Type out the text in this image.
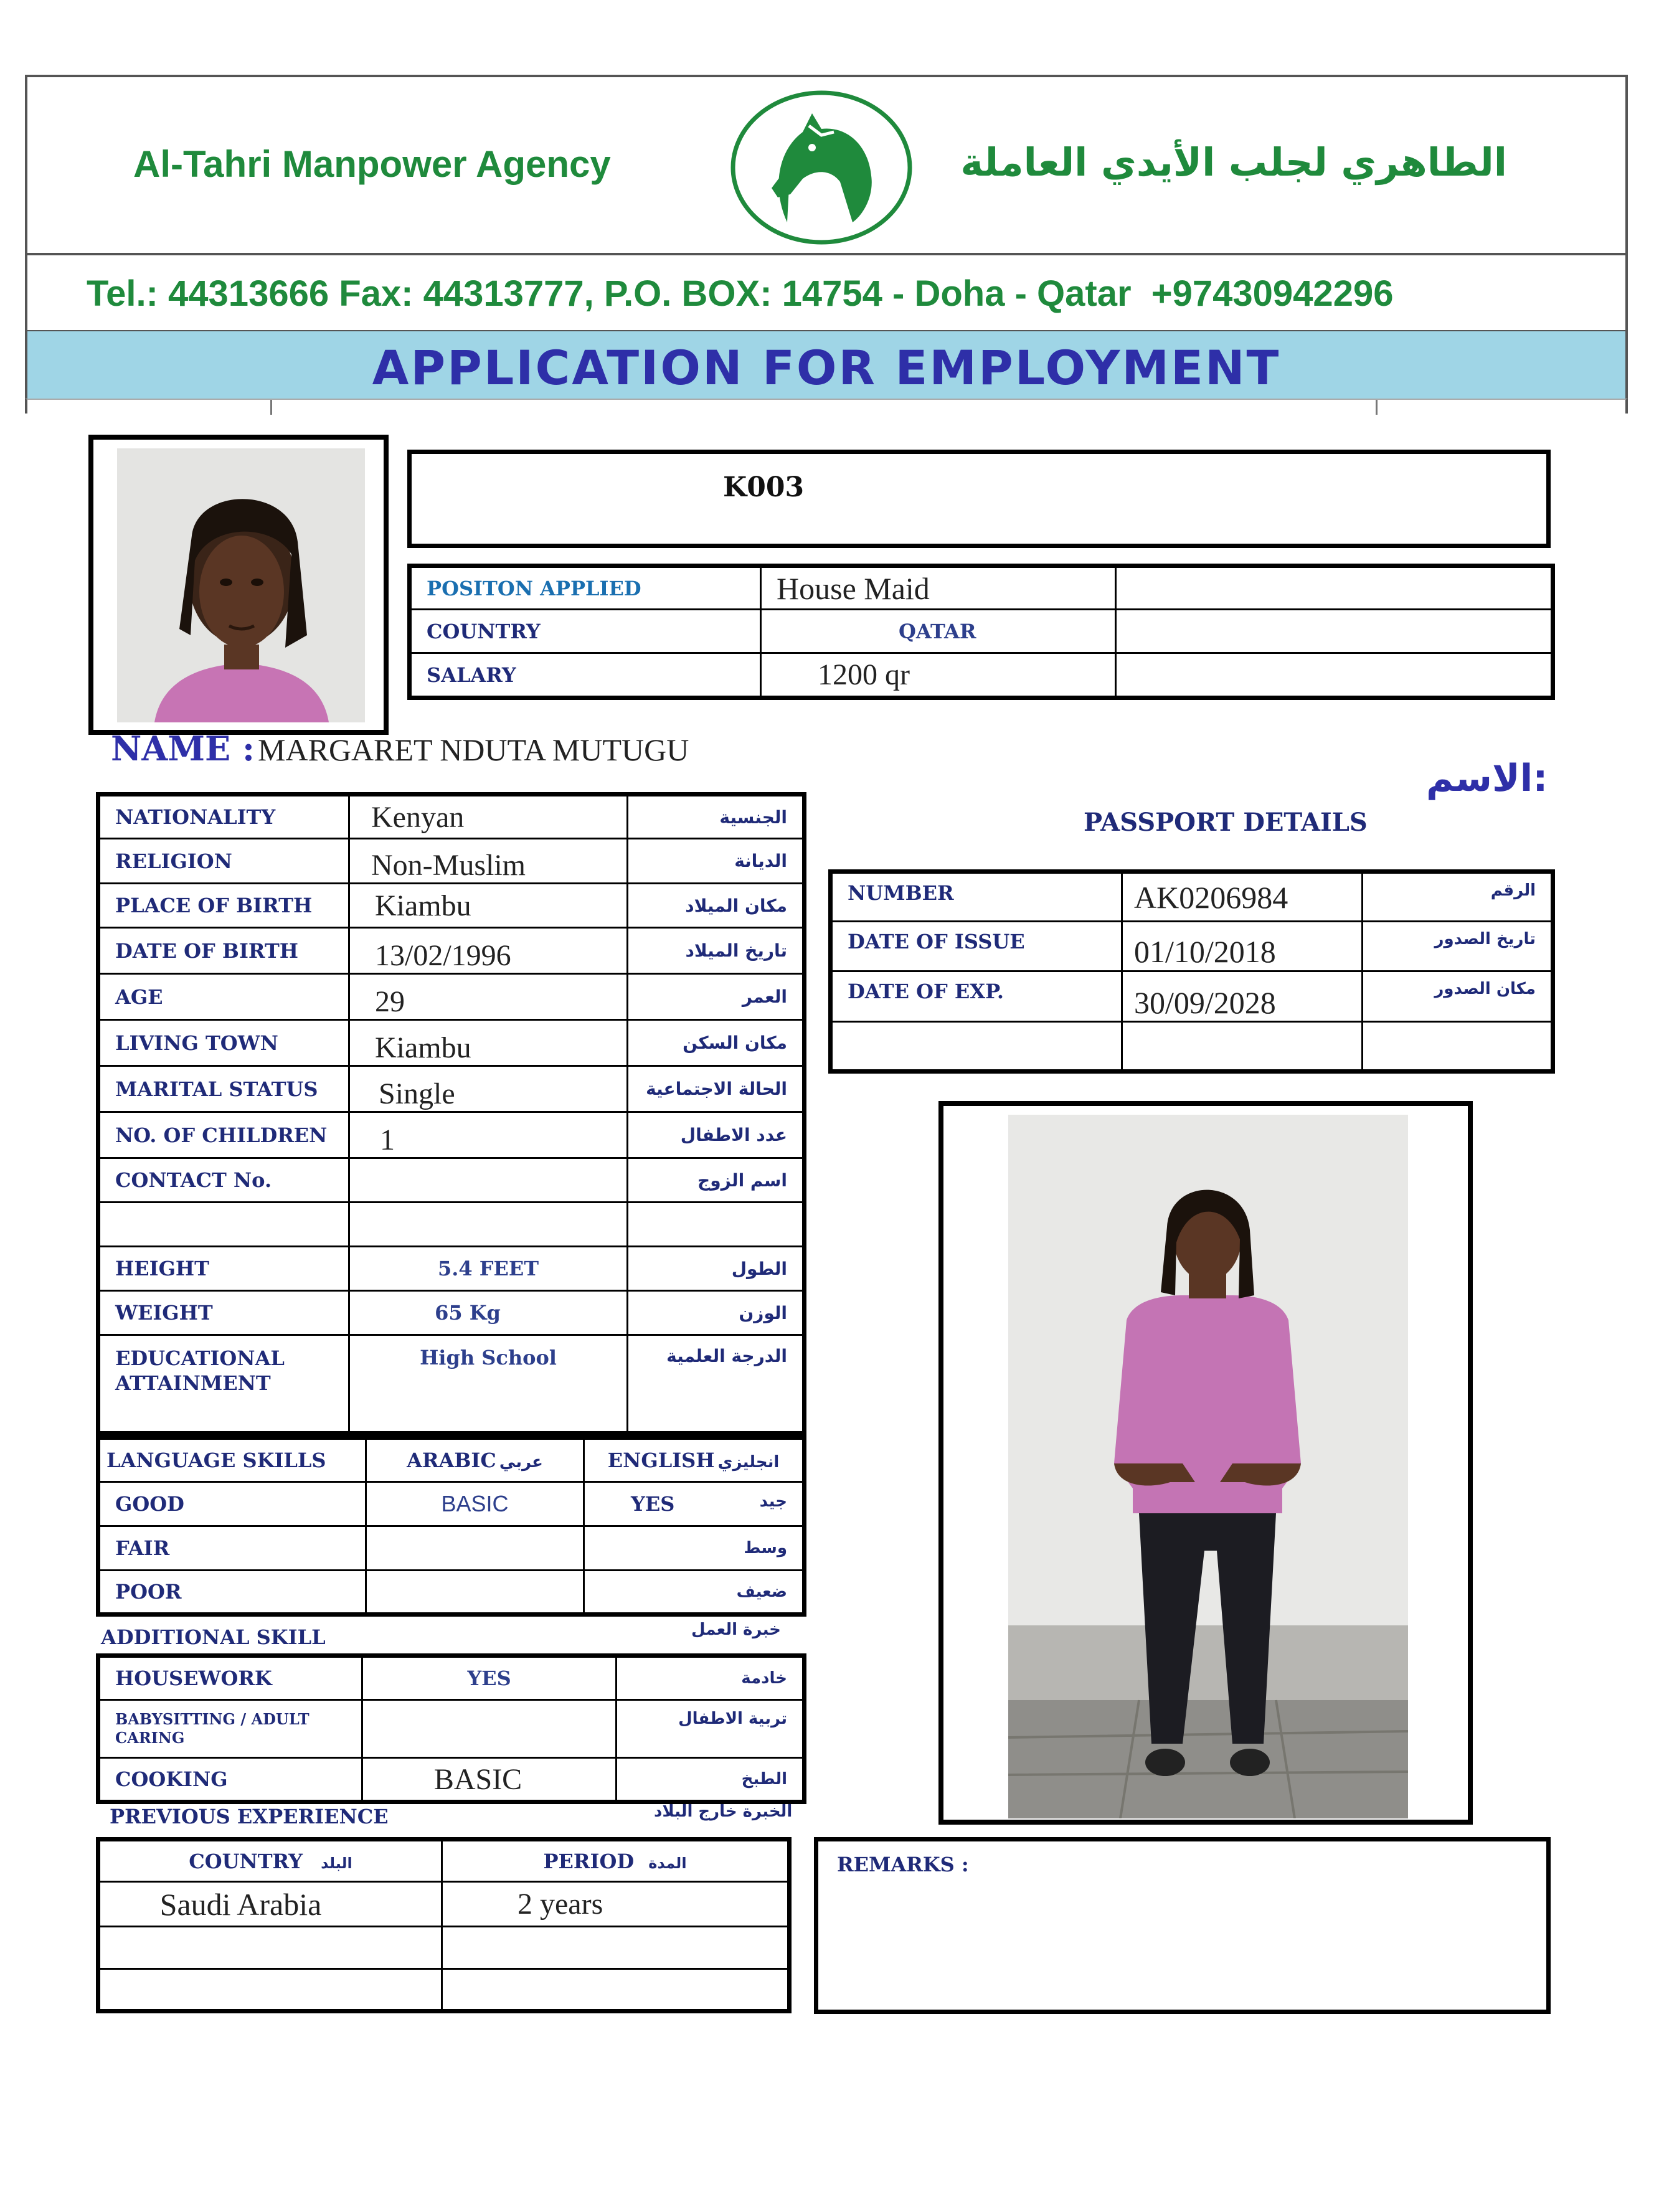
Al-Tahri Manpower Agency	الطاهري لجلب الأيدي العاملة
Tel.: 44313666 Fax: 44313777, P.O. BOX: 14754 - Doha - Qatar +97430942296
APPLICATION FOR EMPLOYMENT
K003
POSITON APPLIED	House Maid	
COUNTRY	QATAR	
SALARY	1200 qr	
NAME : MARGARET NDUTA MUTUGU
الاسم:
NATIONALITY	Kenyan	الجنسية
RELIGION	Non-Muslim	الديانة
PLACE OF BIRTH	Kiambu	مكان الميلاد
DATE OF BIRTH	13/02/1996	تاريخ الميلاد
AGE	29	العمر
LIVING TOWN	Kiambu	مكان السكن
MARITAL STATUS	Single	الحالة الاجتماعية
NO. OF CHILDREN	1	عدد الاطفال
CONTACT No.		اسم الزوج

HEIGHT	5.4 FEET	الطول
WEIGHT	65 Kg	الوزن

EDUCATIONAL
ATTAINMENT	High School	الدرجة العلمية
PASSPORT DETAILS
NUMBER	AK0206984	الرقم
DATE OF ISSUE	01/10/2018	تاريخ الصدور
DATE OF EXP.	30/09/2028	مكان الصدور

LANGUAGE SKILLS	ARABIC عربي	ENGLISH انجليزي
GOOD	BASIC	YES جيد

FAIR		وسط

POOR		ضعيف
ADDITIONAL SKILL	خبرة العمل
HOUSEWORK	YES	خادمة

BABYSITTING / ADULT
CARING		تربية الاطفال
COOKING	BASIC	الطبخ
PREVIOUS EXPERIENCE	الخبرة خارج البلاد
COUNTRY البلد	PERIOD المدة
Saudi Arabia	2 years

REMARKS :
